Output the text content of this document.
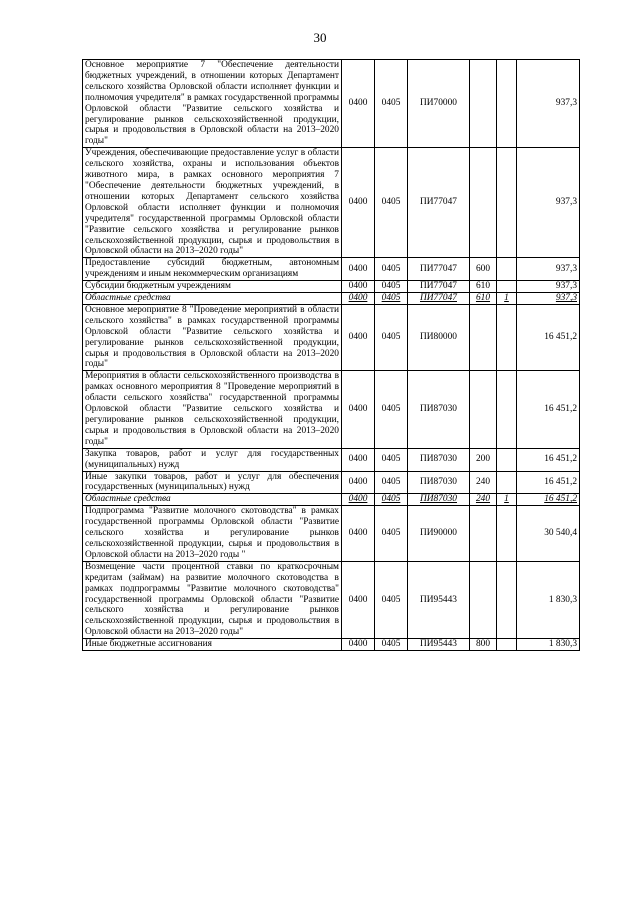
30
Основное мероприятие 7 "Обеспечение деятельности бюджетных учреждений, в отношении которых Департамент сельского хозяйства Орловской области исполняет функции и полномочия учредителя" в рамках государственной программы Орловской области "Развитие сельского хозяйства и регулирование рынков сельскохозяйственной продукции, сырья и продовольствия в Орловской области на 2013–2020 годы"	0400	0405	ПИ70000			937,3
Учреждения, обеспечивающие предоставление услуг в области сельского хозяйства, охраны и использования объектов животного мира, в рамках основного мероприятия 7 "Обеспечение деятельности бюджетных учреждений, в отношении которых Департамент сельского хозяйства Орловской области исполняет функции и полномочия учредителя" государственной программы Орловской области "Развитие сельского хозяйства и регулирование рынков сельскохозяйственной продукции, сырья и продовольствия в Орловской области на 2013–2020 годы"	0400	0405	ПИ77047			937,3
Предоставление субсидий бюджетным, автономным учреждениям и иным некоммерческим организациям	0400	0405	ПИ77047	600		937,3
Субсидии бюджетным учреждениям	0400	0405	ПИ77047	610		937,3
Областные средства	0400	0405	ПИ77047	610	1	937,3
Основное мероприятие 8 "Проведение мероприятий в области сельского хозяйства" в рамках государственной программы Орловской области "Развитие сельского хозяйства и регулирование рынков сельскохозяйственной продукции, сырья и продовольствия в Орловской области на 2013–2020 годы"	0400	0405	ПИ80000			16 451,2
Мероприятия в области сельскохозяйственного производства в рамках основного мероприятия 8 "Проведение мероприятий в области сельского хозяйства" государственной программы Орловской области "Развитие сельского хозяйства и регулирование рынков сельскохозяйственной продукции, сырья и продовольствия в Орловской области на 2013–2020 годы"	0400	0405	ПИ87030			16 451,2
Закупка товаров, работ и услуг для государственных (муниципальных) нужд	0400	0405	ПИ87030	200		16 451,2
Иные закупки товаров, работ и услуг для обеспечения государственных (муниципальных) нужд	0400	0405	ПИ87030	240		16 451,2
Областные средства	0400	0405	ПИ87030	240	1	16 451,2
Подпрограмма "Развитие молочного скотоводства" в рамках государственной программы Орловской области "Развитие сельского хозяйства и регулирование рынков сельскохозяйственной продукции, сырья и продовольствия в Орловской области на 2013–2020 годы "	0400	0405	ПИ90000			30 540,4
Возмещение части процентной ставки по краткосрочным кредитам (займам) на развитие молочного скотоводства в рамках подпрограммы "Развитие молочного скотоводства" государственной программы Орловской области "Развитие сельского хозяйства и регулирование рынков сельскохозяйственной продукции, сырья и продовольствия в Орловской области на 2013–2020 годы"	0400	0405	ПИ95443			1 830,3
Иные бюджетные ассигнования	0400	0405	ПИ95443	800		1 830,3
